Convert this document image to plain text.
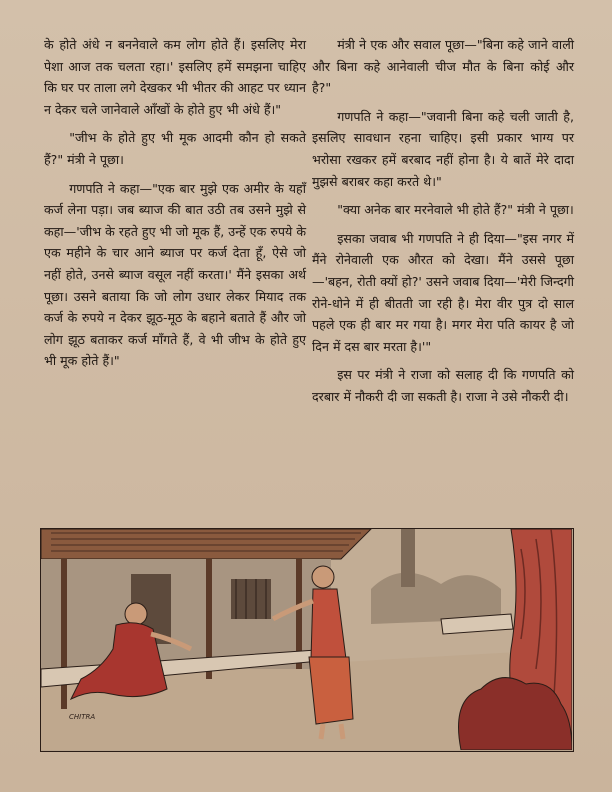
के होते अंधे न बननेवाले कम लोग होते हैं। इसलिए मेरा पेशा आज तक चलता रहा।' इसलिए हमें समझना चाहिए कि घर पर ताला लगे देखकर भी भीतर की आहट पर ध्यान न देकर चले जानेवाले आँखों के होते हुए भी अंधे हैं।"

"जीभ के होते हुए भी मूक आदमी कौन हो सकते हैं?" मंत्री ने पूछा।

गणपति ने कहा—"एक बार मुझे एक अमीर के यहाँ कर्ज लेना पड़ा। जब ब्याज की बात उठी तब उसने मुझे से कहा—'जीभ के रहते हुए भी जो मूक हैं, उन्हें एक रुपये के एक महीने के चार आने ब्याज पर कर्ज देता हूँ, ऐसे जो नहीं होते, उनसे ब्याज वसूल नहीं करता।' मैंने इसका अर्थ पूछा। उसने बताया कि जो लोग उधार लेकर मियाद तक कर्ज के रुपये न देकर झूठ-मूठ के बहाने बताते हैं और जो लोग झूठ बताकर कर्ज माँगते हैं, वे भी जीभ के होते हुए भी मूक होते हैं।"

मंत्री ने एक और सवाल पूछा—"बिना कहे जाने वाली और बिना कहे आनेवाली चीज मौत के बिना कोई और है?"

गणपति ने कहा—"जवानी बिना कहे चली जाती है, इसलिए सावधान रहना चाहिए। इसी प्रकार भाग्य पर भरोसा रखकर हमें बरबाद नहीं होना है। ये बातें मेरे दादा मुझसे बराबर कहा करते थे।"

"क्या अनेक बार मरनेवाले भी होते हैं?" मंत्री ने पूछा।

इसका जवाब भी गणपति ने ही दिया—"इस नगर में मैंने रोनेवाली एक औरत को देखा। मैंने उससे पूछा—'बहन, रोती क्यों हो?' उसने जवाब दिया—'मेरी जिन्दगी रोने-धोने में ही बीतती जा रही है। मेरा वीर पुत्र दो साल पहले एक ही बार मर गया है। मगर मेरा पति कायर है जो दिन में दस बार मरता है।'"

इस पर मंत्री ने राजा को सलाह दी कि गणपति को दरबार में नौकरी दी जा सकती है। राजा ने उसे नौकरी दी।

CHITRA
